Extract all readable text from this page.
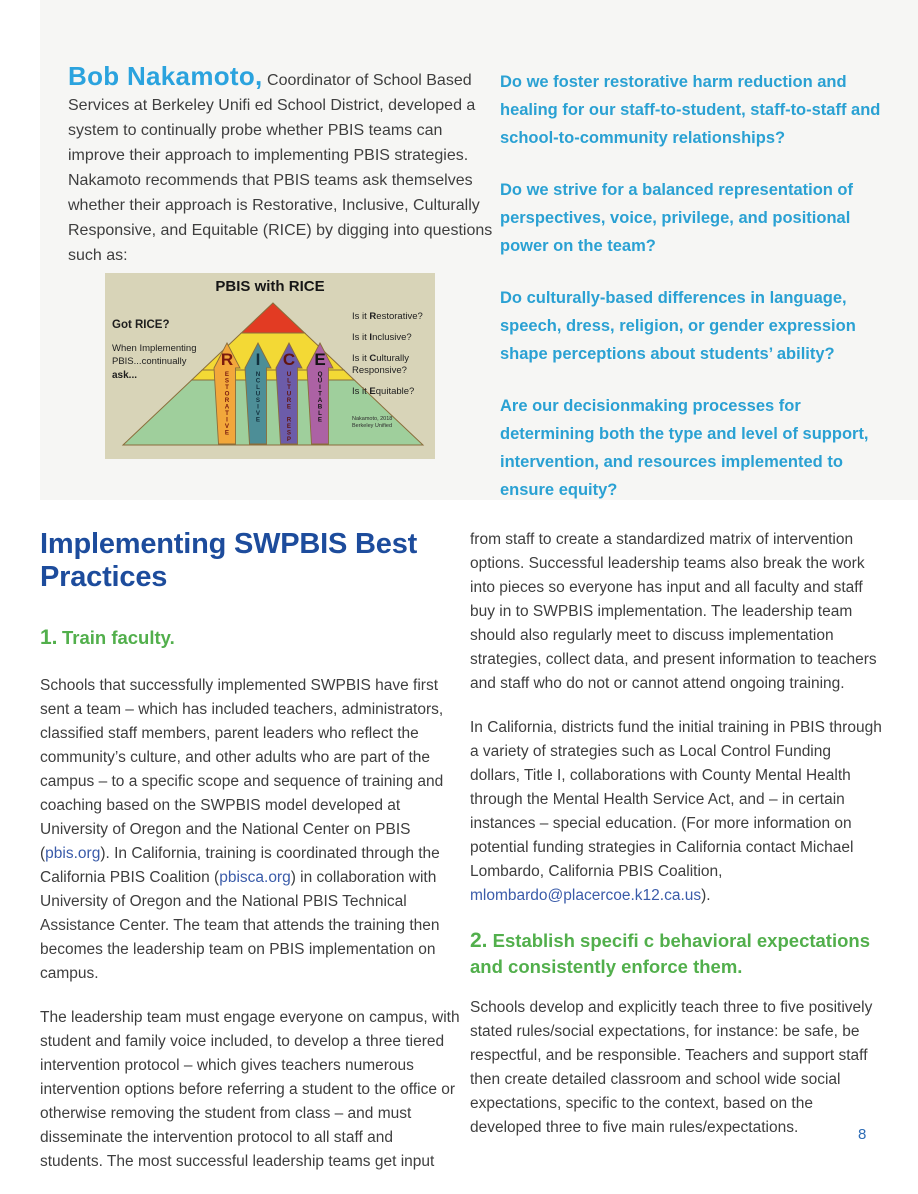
Bob Nakamoto, Coordinator of School Based Services at Berkeley Unifi ed School District, developed a system to continually probe whether PBIS teams can improve their approach to implementing PBIS strategies. Nakamoto recommends that PBIS teams ask themselves whether their approach is Restorative, Inclusive, Culturally Responsive, and Equitable (RICE) by digging into questions such as:

R
E
S
T
O
R
A
T
I
V
E
I
N
C
L
U
S
I
V
E
C
U
L
T
U
R
E
R
E
S
P
E
Q
U
I
T
A
B
L
E
PBIS with RICE
Got RICE?
When Implementing
PBIS...continually
ask...
Is it Restorative?
Is it Inclusive?
Is it Culturally Responsive?
Is it Equitable?
Nakamoto, 2018
Berkeley Unified

Do we foster restorative harm reduction and healing for our staff-to-student, staff-to-staff and school-to-community relationships?

Do we strive for a balanced representation of perspectives, voice, privilege, and positional power on the team?

Do culturally-based differences in language, speech, dress, religion, or gender expression shape perceptions about students’ ability?

Are our decisionmaking processes for determining both the type and level of support, intervention, and resources implemented to ensure equity?

Implementing SWPBIS Best Practices
1. Train faculty.

Schools that successfully implemented SWPBIS have first sent a team – which has included teachers, administrators, classified staff members, parent leaders who reflect the community’s culture, and other adults who are part of the campus – to a specific scope and sequence of training and coaching based on the SWPBIS model developed at University of Oregon and the National Center on PBIS (pbis.org). In California, training is coordinated through the California PBIS Coalition (pbisca.org) in collaboration with University of Oregon and the National PBIS Technical Assistance Center. The team that attends the training then becomes the leadership team on PBIS implementation on campus.

The leadership team must engage everyone on campus, with student and family voice included, to develop a three tiered intervention protocol – which gives teachers numerous intervention options before referring a student to the office or otherwise removing the student from class – and must disseminate the intervention protocol to all staff and students. The most successful leadership teams get input

from staff to create a standardized matrix of intervention options. Successful leadership teams also break the work into pieces so everyone has input and all faculty and staff buy in to SWPBIS implementation. The leadership team should also regularly meet to discuss implementation strategies, collect data, and present information to teachers and staff who do not or cannot attend ongoing training.

In California, districts fund the initial training in PBIS through a variety of strategies such as Local Control Funding dollars, Title I, collaborations with County Mental Health through the Mental Health Service Act, and – in certain instances – special education. (For more information on potential funding strategies in California contact Michael Lombardo, California PBIS Coalition, mlombardo@placercoe.k12.ca.us).

2. Establish specifi c behavioral expectations and consistently enforce them.

Schools develop and explicitly teach three to five positively stated rules/social expectations, for instance: be safe, be respectful, and be responsible. Teachers and support staff then create detailed classroom and school wide social expectations, specific to the context, based on the developed three to five main rules/expectations.	8
